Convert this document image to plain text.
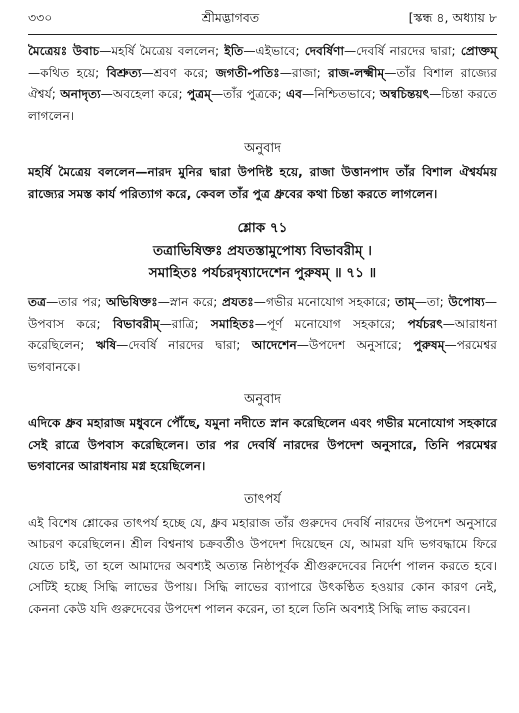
৩৩০	শ্রীমদ্ভাগবত	[স্কন্ধ ৪, অধ্যায় ৮

মৈত্রেয়ঃ উবাচ—মহর্ষি মৈত্রেয় বললেন; ইতি—এইভাবে; দেবর্ষিণা—দেবর্ষি নারদের দ্বারা; প্রোক্তম্—কথিত হয়ে; বিশ্রুত্য—শ্রবণ করে; জগতী-পতিঃ—রাজা; রাজ-লক্ষ্মীম্—তাঁর বিশাল রাজ্যের ঐশ্বর্য; অনাদৃত্য—অবহেলা করে; পুত্রম্—তাঁর পুত্রকে; এব—নিশ্চিতভাবে; অন্বচিন্তয়ৎ—চিন্তা করতে লাগলেন।

অনুবাদ

মহর্ষি মৈত্রেয় বললেন—নারদ মুনির দ্বারা উপদিষ্ট হয়ে, রাজা উত্তানপাদ তাঁর বিশাল ঐশ্বর্যময় রাজ্যের সমস্ত কার্য পরিত্যাগ করে, কেবল তাঁর পুত্র ধ্রুবের কথা চিন্তা করতে লাগলেন।

শ্লোক ৭১
তত্রাভিষিক্তঃ প্রযতস্তামুপোষ্য বিভাবরীম্ ।
সমাহিতঃ পর্যচরদৃষ্যাদেশেন পুরুষম্ ॥ ৭১ ॥

তত্র—তার পর; অভিষিক্তঃ—স্নান করে; প্রযতঃ—গভীর মনোযোগ সহকারে; তাম্—তা; উপোষ্য—উপবাস করে; বিভাবরীম্—রাত্রি; সমাহিতঃ—পূর্ণ মনোযোগ সহকারে; পর্যচরৎ—আরাধনা করেছিলেন; ঋষি—দেবর্ষি নারদের দ্বারা; আদেশেন—উপদেশ অনুসারে; পুরুষম্—পরমেশ্বর ভগবানকে।

অনুবাদ

এদিকে ধ্রুব মহারাজ মধুবনে পৌঁছে, যমুনা নদীতে স্নান করেছিলেন এবং গভীর মনোযোগ সহকারে সেই রাত্রে উপবাস করেছিলেন। তার পর দেবর্ষি নারদের উপদেশ অনুসারে, তিনি পরমেশ্বর ভগবানের আরাধনায় মগ্ন হয়েছিলেন।

তাৎপর্য

এই বিশেষ শ্লোকের তাৎপর্য হচ্ছে যে, ধ্রুব মহারাজ তাঁর গুরুদেব দেবর্ষি নারদের উপদেশ অনুসারে আচরণ করেছিলেন। শ্রীল বিশ্বনাথ চক্রবর্তীও উপদেশ দিয়েছেন যে, আমরা যদি ভগবদ্ধামে ফিরে যেতে চাই, তা হলে আমাদের অবশ্যই অত্যন্ত নিষ্ঠাপূর্বক শ্রীগুরুদেবের নির্দেশ পালন করতে হবে। সেটিই হচ্ছে সিদ্ধি লাভের উপায়। সিদ্ধি লাভের ব্যাপারে উৎকণ্ঠিত হওয়ার কোন কারণ নেই, কেননা কেউ যদি গুরুদেবের উপদেশ পালন করেন, তা হলে তিনি অবশ্যই সিদ্ধি লাভ করবেন।
